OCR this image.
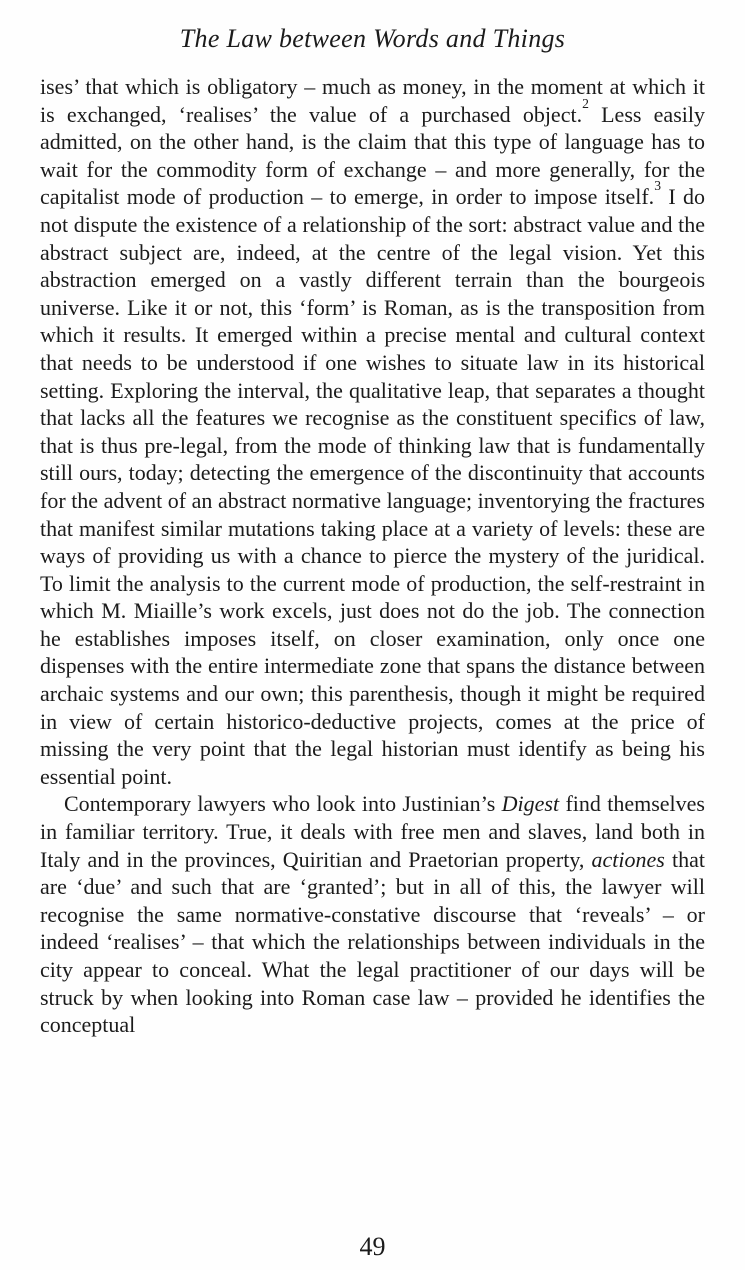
The Law between Words and Things

ises’ that which is obligatory – much as money, in the moment at which it is exchanged, ‘realises’ the value of a purchased object.$^2$ Less easily admitted, on the other hand, is the claim that this type of language has to wait for the commodity form of exchange – and more generally, for the capitalist mode of production – to emerge, in order to impose itself.$^3$ I do not dispute the existence of a relationship of the sort: abstract value and the abstract subject are, indeed, at the centre of the legal vision. Yet this abstraction emerged on a vastly different terrain than the bourgeois universe. Like it or not, this ‘form’ is Roman, as is the transposition from which it results. It emerged within a precise mental and cultural context that needs to be understood if one wishes to situate law in its historical setting. Exploring the interval, the qualitative leap, that separates a thought that lacks all the features we recognise as the constituent specifics of law, that is thus pre-legal, from the mode of thinking law that is fundamentally still ours, today; detecting the emergence of the discontinuity that accounts for the advent of an abstract normative language; inventorying the fractures that manifest similar mutations taking place at a variety of levels: these are ways of providing us with a chance to pierce the mystery of the juridical. To limit the analysis to the current mode of production, the self-restraint in which M. Miaille’s work excels, just does not do the job. The connection he establishes imposes itself, on closer examination, only once one dispenses with the entire intermediate zone that spans the distance between archaic systems and our own; this parenthesis, though it might be required in view of certain historico-deductive projects, comes at the price of missing the very point that the legal historian must identify as being his essential point.

Contemporary lawyers who look into Justinian’s Digest find themselves in familiar territory. True, it deals with free men and slaves, land both in Italy and in the provinces, Quiritian and Praetorian property, actiones that are ‘due’ and such that are ‘granted’; but in all of this, the lawyer will recognise the same normative-constative discourse that ‘reveals’ – or indeed ‘realises’ – that which the relationships between individuals in the city appear to conceal. What the legal practitioner of our days will be struck by when looking into Roman case law – provided he identifies the conceptual

49
